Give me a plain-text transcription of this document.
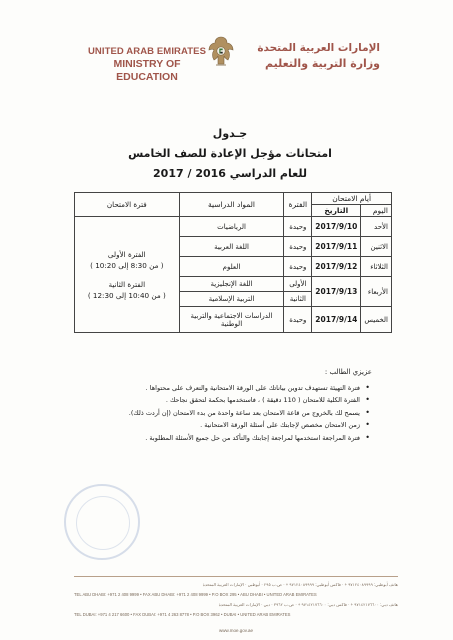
UNITED ARAB EMIRATES
MINISTRY OF EDUCATION
الإمارات العربية المتحدة
وزارة التربية والتعليم
جـدول
امتحانات مؤجل الإعادة للصف الخامس
للعام الدراسي 2016 / 2017
أيام الامتحان		الفترة	المواد الدراسية	فترة الامتحان
اليوم	التاريخ			
الأحد	2017/9/10	وحيدة	الرياضيات	الفترة الأولى
( من 8:30 إلى 10:20 )
الفترة الثانية
( من 10:40 إلى 12:30 )

الاثنين	2017/9/11	وحيدة	اللغة العربية	
الثلاثاء	2017/9/12	وحيدة	العلوم	
الأربعاء	2017/9/13	الأولى	اللغة الإنجليزية	
		الثانية	التربية الإسلامية	
الخميس	2017/9/14	وحيدة	الدراسات الاجتماعية والتربية الوطنية	
عزيزي الطالب :
• فترة التهيئة تستهدف تدوين بياناتك على الورقة الامتحانية والتعرف على محتواها .
• الفترة الكلية للامتحان ( 110 دقيقة ) ، فاستخدمها بحكمة لتحقق نجاحك .
• يسمح لك بالخروج من قاعة الامتحان بعد ساعة واحدة من بدء الامتحان (إن أردت ذلك).
• زمن الامتحان مخصص لإجابتك على أسئلة الورقة الامتحانية .
• فترة المراجعة استخدمها لمراجعة إجابتك والتأكد من حل جميع الأسئلة المطلوبة .
هاتف أبوظبي: ٩٧١٢٤٠٨٩٩٩٩ + · فاكس أبوظبي: ٩٧١٢٤٠٨٩٩٩٩ + · ص.ب ٢٩٥ · أبوظبي · الإمارات العربية المتحدة
TEL ABU DHABI: +971 2 408 9999 • FAX ABU DHABI: +971 2 408 9999 • P.O BOX 295 • ABU DHABI • UNITED ARAB EMIRATES
هاتف دبي: ٩٧١٤٢١٧٦٦٠٠ + · فاكس دبي: ٩٧١٤٢١٧٦٦٠٠ + · ص.ب ٣٩٦٢ · دبي · الإمارات العربية المتحدة
TEL DUBAI: +971 4 217 6600 • FAX DUBAI: +971 4 263 8778 • P.O BOX 3962 • DUBAI • UNITED ARAB EMIRATES
www.moe.gov.ae
